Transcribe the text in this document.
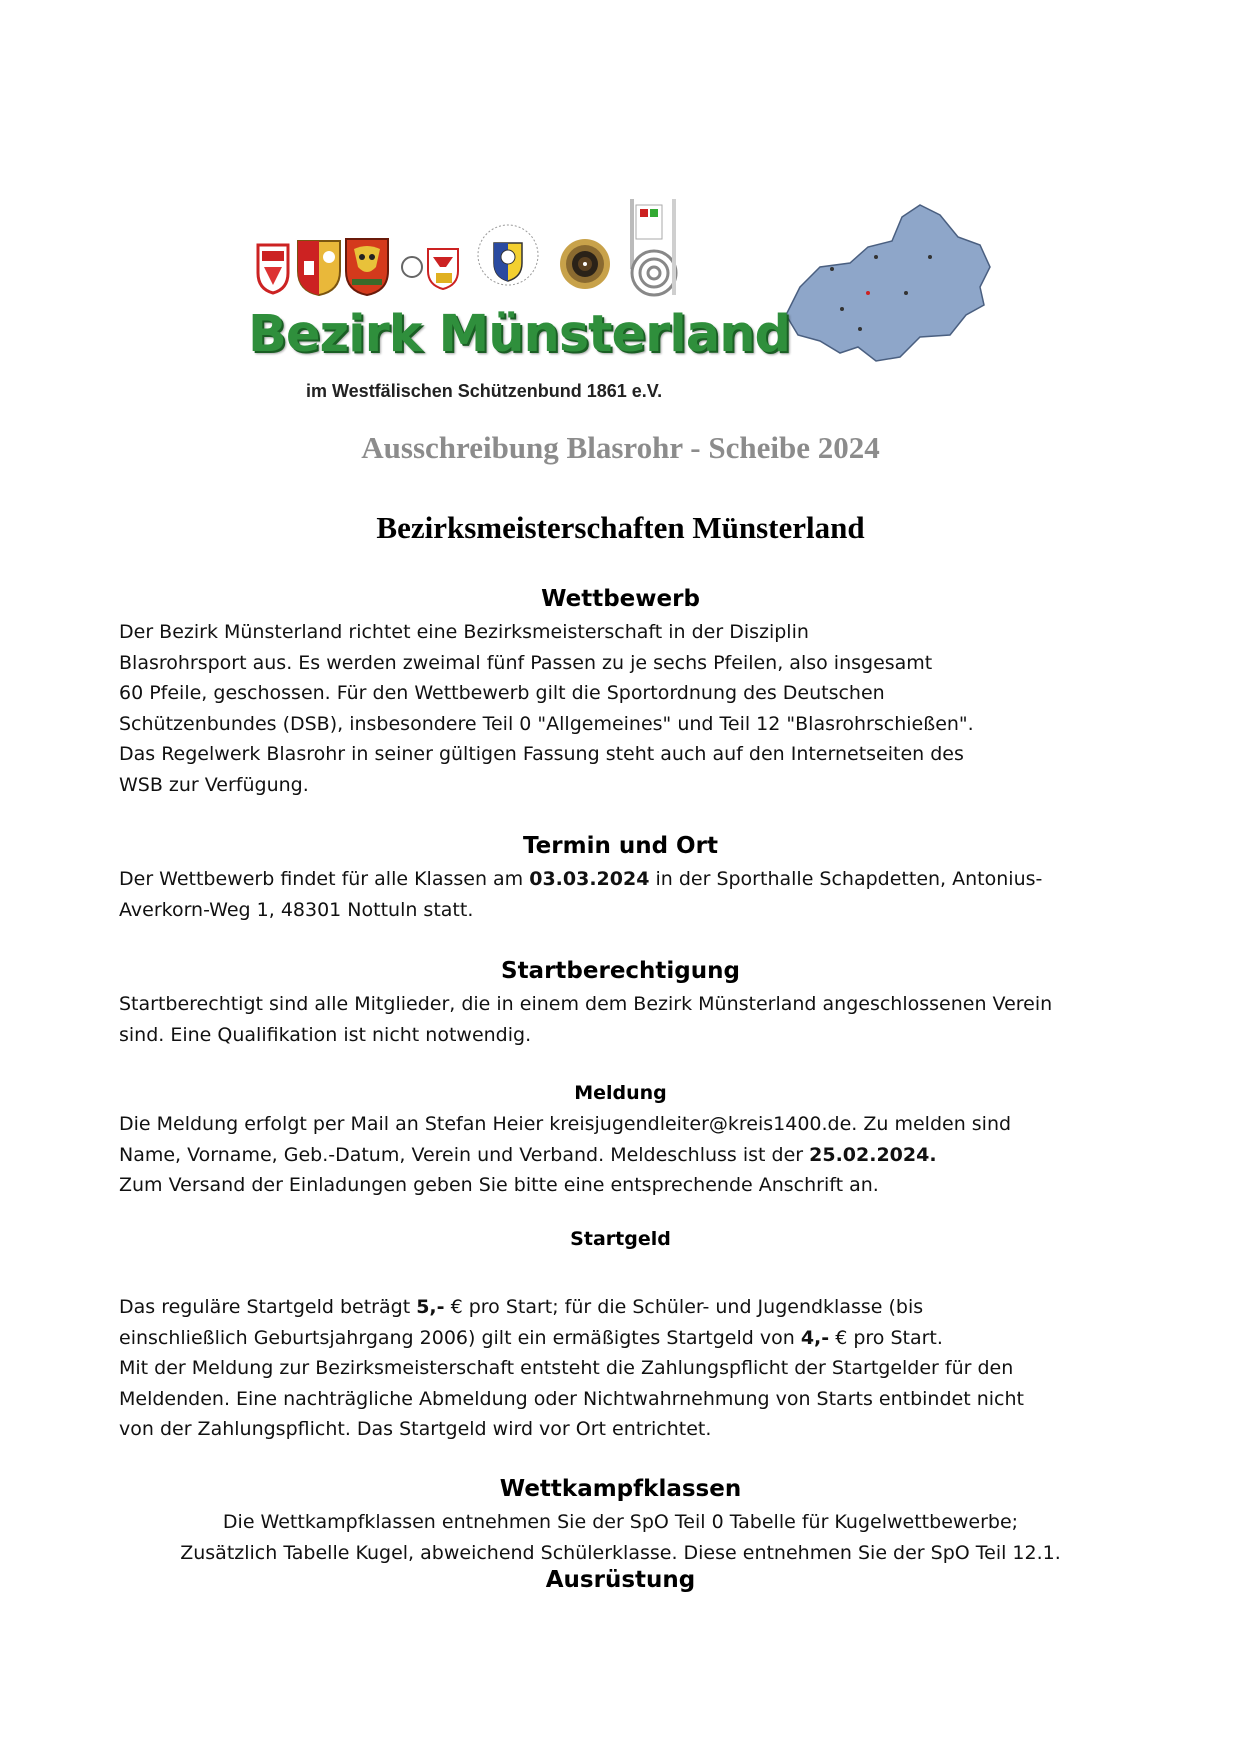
Bezirk Münsterland
im Westfälischen Schützenbund 1861 e.V.
Ausschreibung Blasrohr - Scheibe 2024
Bezirksmeisterschaften Münsterland
Wettbewerb
Der Bezirk Münsterland richtet eine Bezirksmeisterschaft in der Disziplin
Blasrohrsport aus. Es werden zweimal fünf Passen zu je sechs Pfeilen, also insgesamt
60 Pfeile, geschossen. Für den Wettbewerb gilt die Sportordnung des Deutschen
Schützenbundes (DSB), insbesondere Teil 0 "Allgemeines" und Teil 12 "Blasrohrschießen".
Das Regelwerk Blasrohr in seiner gültigen Fassung steht auch auf den Internetseiten des
WSB zur Verfügung.
Termin und Ort
Der Wettbewerb findet für alle Klassen am 03.03.2024 in der Sporthalle Schapdetten, Antonius-
Averkorn-Weg 1, 48301 Nottuln statt.
Startberechtigung
Startberechtigt sind alle Mitglieder, die in einem dem Bezirk Münsterland angeschlossenen Verein
sind. Eine Qualifikation ist nicht notwendig.
Meldung
Die Meldung erfolgt per Mail an Stefan Heier kreisjugendleiter@kreis1400.de. Zu melden sind
Name, Vorname, Geb.-Datum, Verein und Verband. Meldeschluss ist der 25.02.2024.
Zum Versand der Einladungen geben Sie bitte eine entsprechende Anschrift an.
Startgeld
Das reguläre Startgeld beträgt 5,- € pro Start; für die Schüler- und Jugendklasse (bis
einschließlich Geburtsjahrgang 2006) gilt ein ermäßigtes Startgeld von 4,- € pro Start.
Mit der Meldung zur Bezirksmeisterschaft entsteht die Zahlungspflicht der Startgelder für den
Meldenden. Eine nachträgliche Abmeldung oder Nichtwahrnehmung von Starts entbindet nicht
von der Zahlungspflicht. Das Startgeld wird vor Ort entrichtet.
Wettkampfklassen
Die Wettkampfklassen entnehmen Sie der SpO Teil 0 Tabelle für Kugelwettbewerbe;
Zusätzlich Tabelle Kugel, abweichend Schülerklasse. Diese entnehmen Sie der SpO Teil 12.1.
Ausrüstung
